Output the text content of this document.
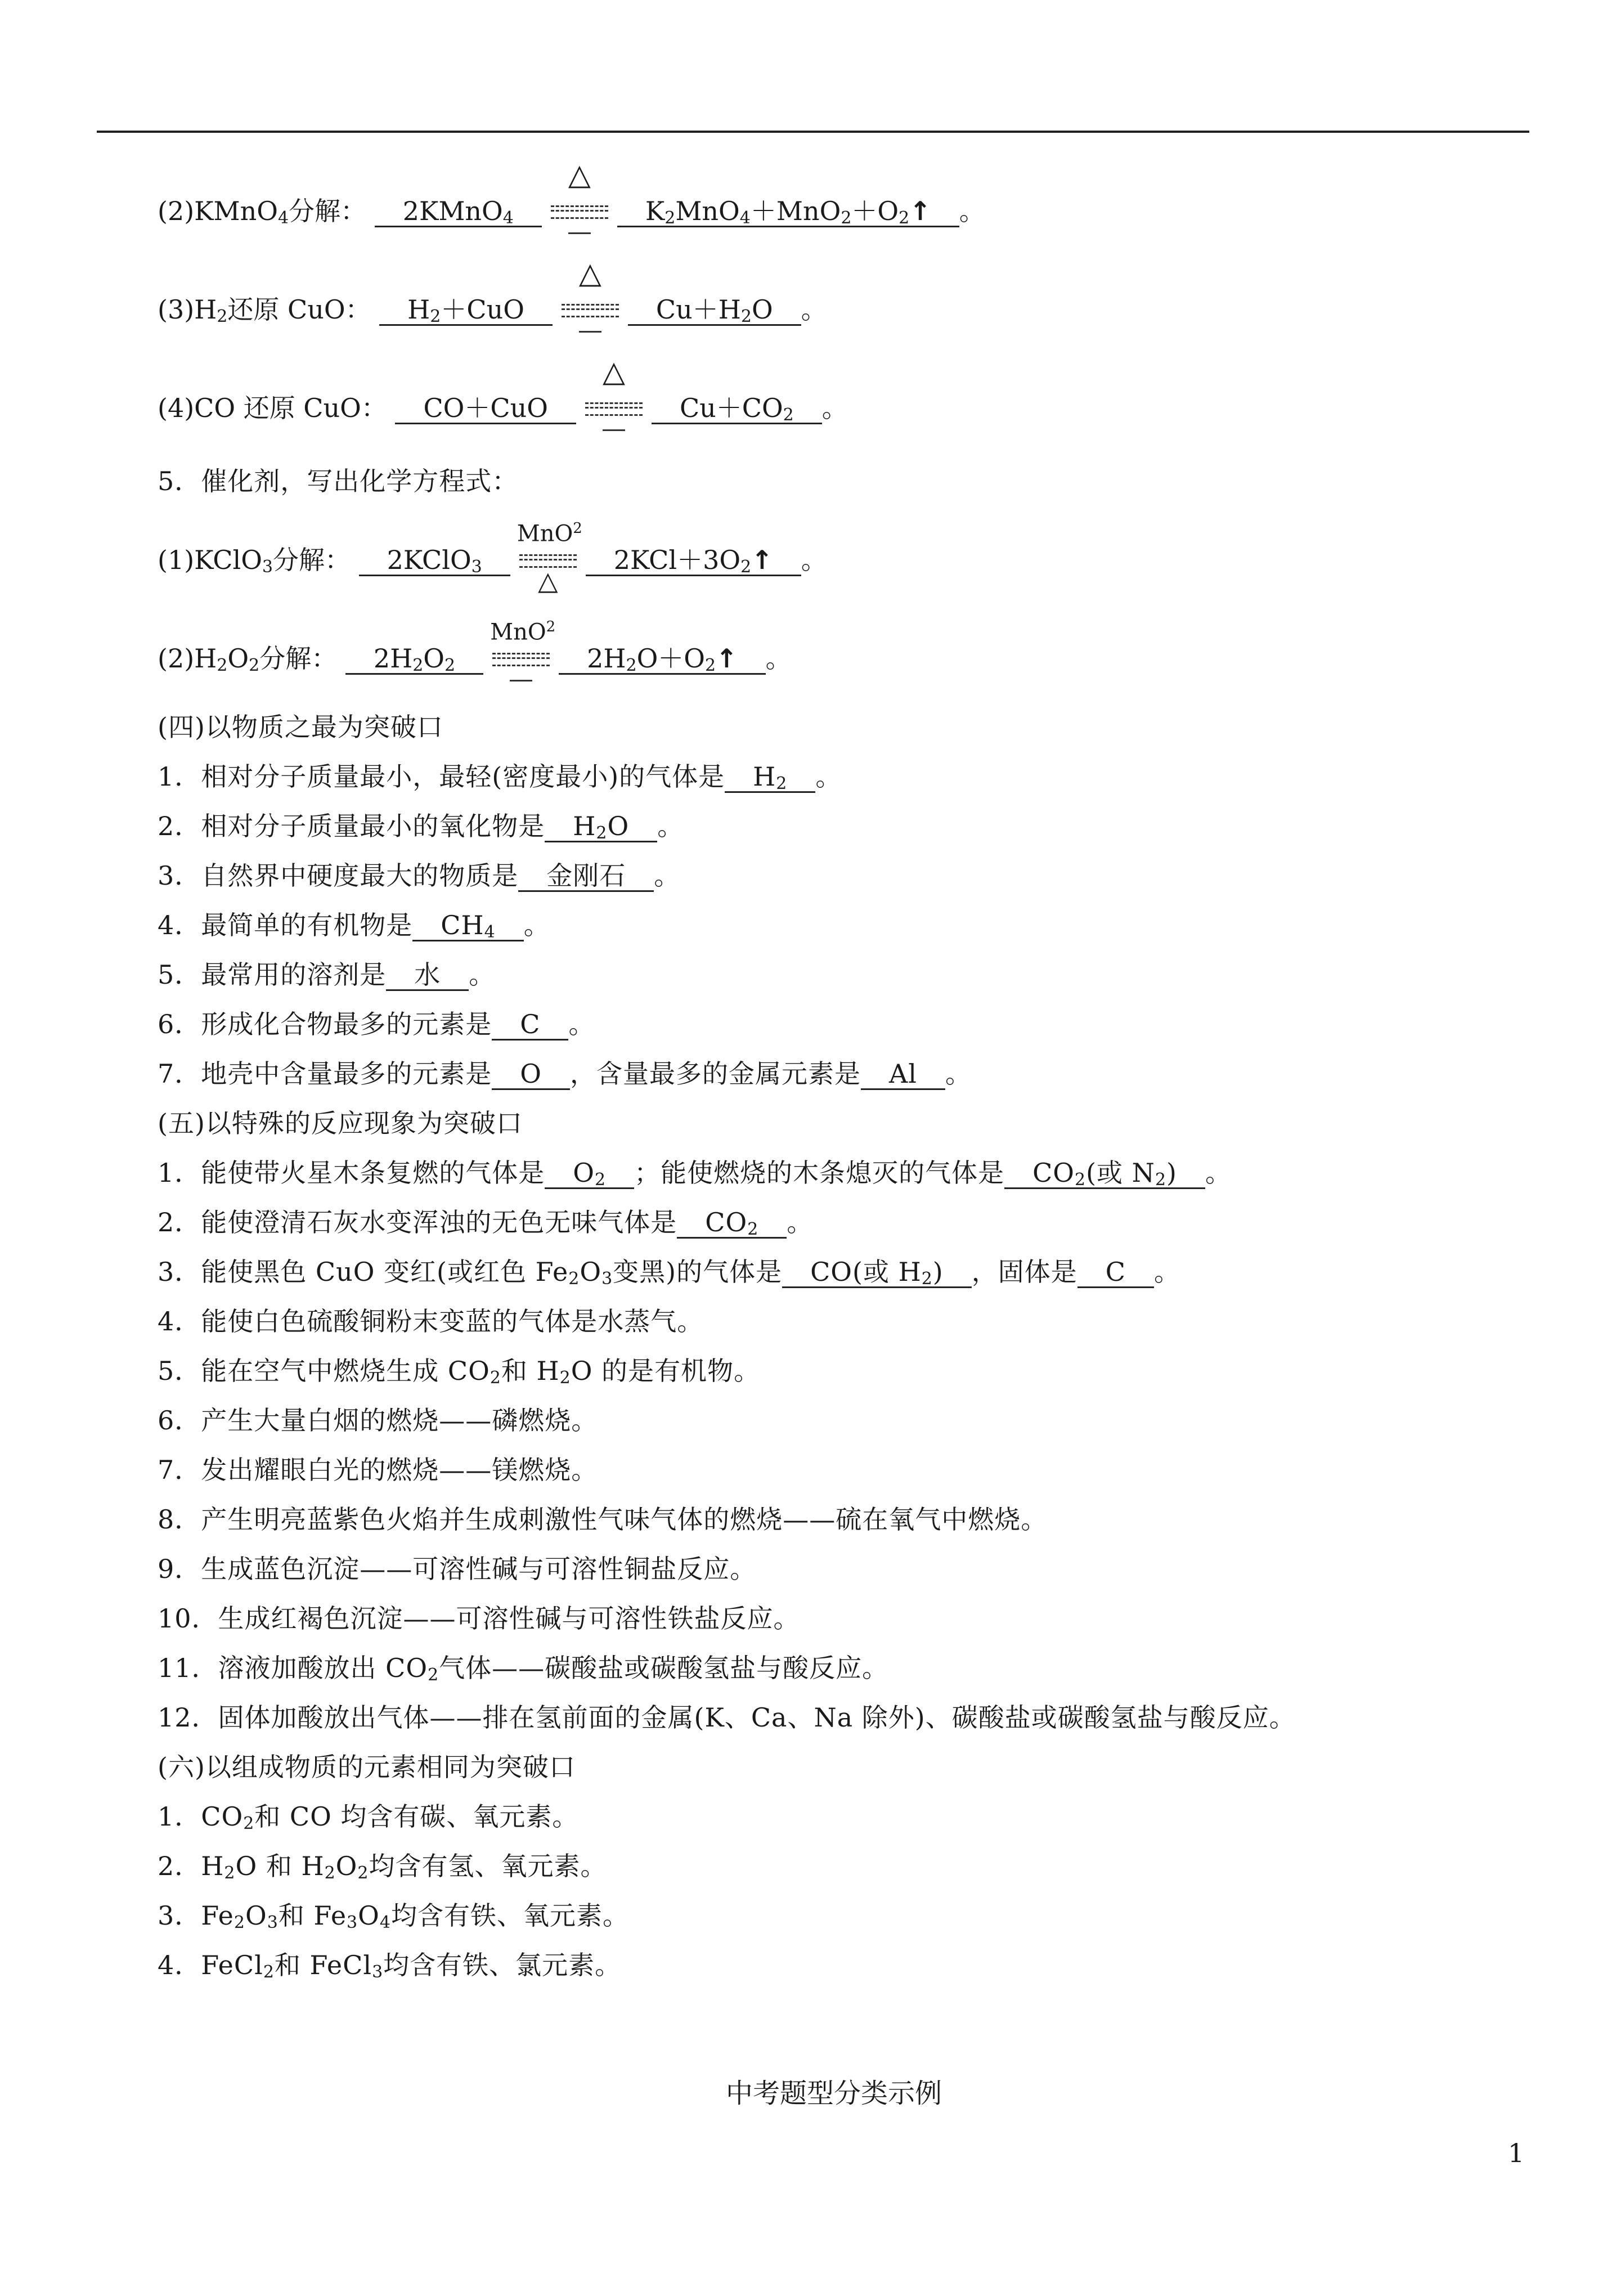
(2)KMnO$_4$分解： 2KMnO$_4$
△
$K_2MnO_4+MnO_2+O_2↑$ 。
$(3)H_2$还原 CuO： $H_2+CuO$
△
$Cu+H_2O$ 。
(4)CO 还原 CuO： CO＋CuO
△
$Cu+CO_2$ 。
5．催化剂，写出化学方程式：
(1)KClO$_3$分解： 2KClO$_3$
MnO$^2$
△
$2KCl+3O_2↑$ 。
$(2)H_2O_2$分解： $2H_2O_2$
MnO$^2$
$2H_2O+O_2↑$ 。
(四)以物质之最为突破口
1．相对分子质量最小，最轻(密度最小)的气体是 $H_2$ 。
2．相对分子质量最小的氧化物是 $H_2O$ 。
3．自然界中硬度最大的物质是 金刚石 。
4．最简单的有机物是 $CH_4$ 。
5．最常用的溶剂是 水 。
6．形成化合物最多的元素是 C 。
7．地壳中含量最多的元素是 O ，含量最多的金属元素是 Al 。
(五)以特殊的反应现象为突破口
1．能使带火星木条复燃的气体是 $O_2$ ；能使燃烧的木条熄灭的气体是 $CO_2$(或 $N_2$) 。
2．能使澄清石灰水变浑浊的无色无味气体是 $CO_2$ 。
3．能使黑色 CuO 变红(或红色 $Fe_2O_3$变黑)的气体是 CO(或 $H_2$) ，固体是 C 。
4．能使白色硫酸铜粉末变蓝的气体是水蒸气。
5．能在空气中燃烧生成 $CO_2$和 $H_2O$ 的是有机物。
6．产生大量白烟的燃烧——磷燃烧。
7．发出耀眼白光的燃烧——镁燃烧。
8．产生明亮蓝紫色火焰并生成刺激性气味气体的燃烧——硫在氧气中燃烧。
9．生成蓝色沉淀——可溶性碱与可溶性铜盐反应。
10．生成红褐色沉淀——可溶性碱与可溶性铁盐反应。
11．溶液加酸放出 $CO_2$气体——碳酸盐或碳酸氢盐与酸反应。
12．固体加酸放出气体——排在氢前面的金属(K、Ca、Na 除外)、碳酸盐或碳酸氢盐与酸反应。
(六)以组成物质的元素相同为突破口
1．$CO_2$和 CO 均含有碳、氧元素。
2．$H_2O$ 和 $H_2O_2$均含有氢、氧元素。
3．$Fe_2O_3$和 $Fe_3O_4$均含有铁、氧元素。
4．FeCl$_2$和 FeCl$_3$均含有铁、氯元素。
中考题型分类示例
1
